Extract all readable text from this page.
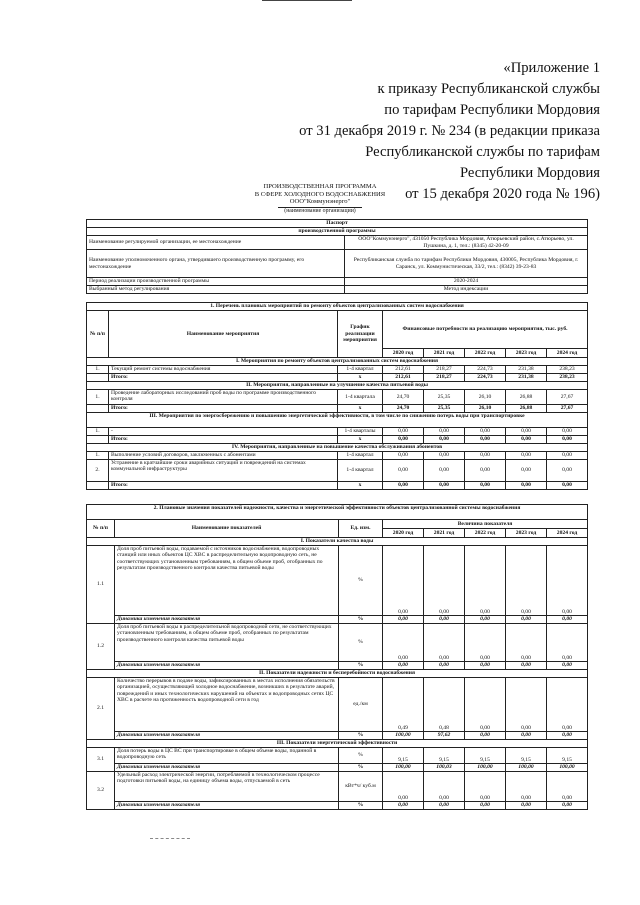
«Приложение 1
к приказу Республиканской службы
по тарифам Республики Мордовия
от 31 декабря 2019 г. № 234 (в редакции приказа
Республиканской службы по тарифам
Республики Мордовия
от 15 декабря 2020 года № 196)
ПРОИЗВОДСТВЕННАЯ ПРОГРАММА
В СФЕРЕ ХОЛОДНОГО ВОДОСНАБЖЕНИЯ
ООО"Коммунэнерго"
(наименование организации)
Паспорт	
производственной программы	
Наименование регулируемой организации, ее местонахождение	ООО"Коммунэнерго", 431050 Республика Мордовия, Атюрьевский район, с.Атюрьево, ул. Пушкина, д. 1, тел.: (8345) 42-20-09
Наименование уполномоченного органа, утвердившего производственную программу, его местонахождение	Республиканская служба по тарифам Республики Мордовия, 430005, Республика Мордовия, г. Саранск, ул. Коммунистическая, 33/2, тел.: (8342) 39-23-83
Период реализации производственной программы	2020-2024
Выбранный метод регулирования	Метод индексации
1. Перечень плановых мероприятий по ремонту объектов централизованных систем водоснабжения							
№ п/п	Наименование мероприятия	График реализации мероприятия	Финансовые потребности на реализацию мероприятия, тыс. руб.				
			2020 год	2021 год	2022 год	2023 год	2024 год
I. Мероприятия по ремонту объектов централизованных систем водоснабжения							
1.	Текущий ремонт системы водоснабжения	1-4 квартал	212,61	218,27	224,73	231,38	238,23
	Итого:	х	212,61	218,27	224,73	231,38	238,23
II. Мероприятия, направленные на улучшение качества питьевой воды							
1.	Проведение лабораторных исследований проб воды по программе производственного контроля	1-4 квартала	24,70	25,35	26,10	26,88	27,67
	Итого:	х	24,70	25,35	26,10	26,88	27,67
III. Мероприятия по энергосбережению и повышению энергетической эффективности, в том числе по снижению потерь воды при транспортировке							
1.	-	1-4 кварталы	0,00	0,00	0,00	0,00	0,00
	Итого:	х	0,00	0,00	0,00	0,00	0,00
IV. Мероприятия, направленные на повышение качества обслуживания абонентов							
1.	Выполнение условий договоров, заключенных с абонентами	1-4 квартал	0,00	0,00	0,00	0,00	0,00
2.	Устранение в кратчайшие сроки аварийных ситуаций и повреждений на системах коммунальной инфраструктуры	1-4 квартал	0,00	0,00	0,00	0,00	0,00
	Итого:	х	0,00	0,00	0,00	0,00	0,00
2. Плановые значения показателей надежности, качества и энергетической эффективности объектов централизованной системы водоснабжения							
№ п/п	Наименование показателей	Ед. изм.	Величина показателя				
			2020 год	2021 год	2022 год	2023 год	2024 год
I. Показатели качества воды							
1.1	Доля проб питьевой воды, подаваемой с источников водоснабжения, водопроводных станций или иных объектов ЦС ХВС в распределительную водопроводную сеть, не соответствующих установленным требованиям, в общем объеме проб, отобранных по результатам производственного контроля качества питьевой воды	%	0,00	0,00	0,00	0,00	0,00
	Динамика изменения показателя	%	0,00	0,00	0,00	0,00	0,00
1.2	Доля проб питьевой воды в распределительной водопроводной сети, не соответствующих установленным требованиям, в общем объеме проб, отобранных по результатам производственного контроля качества питьевой воды	%	0,00	0,00	0,00	0,00	0,00
	Динамика изменения показателя	%	0,00	0,00	0,00	0,00	0,00
II. Показатели надежности и бесперебойности водоснабжения							
2.1	Количество перерывов в подаче воды, зафиксированных в местах исполнения обязательств организацией, осуществляющей холодное водоснабжение, возникших в результате аварий, повреждений и иных технологических нарушений на объектах и водопроводных сетях ЦС ХВС в расчете на протяженность водопроводной сети в год	ед./км	0,49	0,48	0,00	0,00	0,00
	Динамика изменения показателя	%	100,00	97,62	0,00	0,00	0,00
III. Показатели энергетической эффективности							
3.1	Доля потерь воды в ЦС ВС при транспортировке в общем объеме воды, поданной в водопроводную сеть	%	9,15	9,15	9,15	9,15	9,15
	Динамика изменения показателя	%	100,00	100,03	100,00	100,00	100,00
3.2	Удельный расход электрической энергии, потребляемой в технологическом процессе подготовки питьевой воды, на единицу объема воды, отпускаемой в сеть	кВт*ч/ куб.м	0,00	0,00	0,00	0,00	0,00
	Динамика изменения показателя	%	0,00	0,00	0,00	0,00	0,00
